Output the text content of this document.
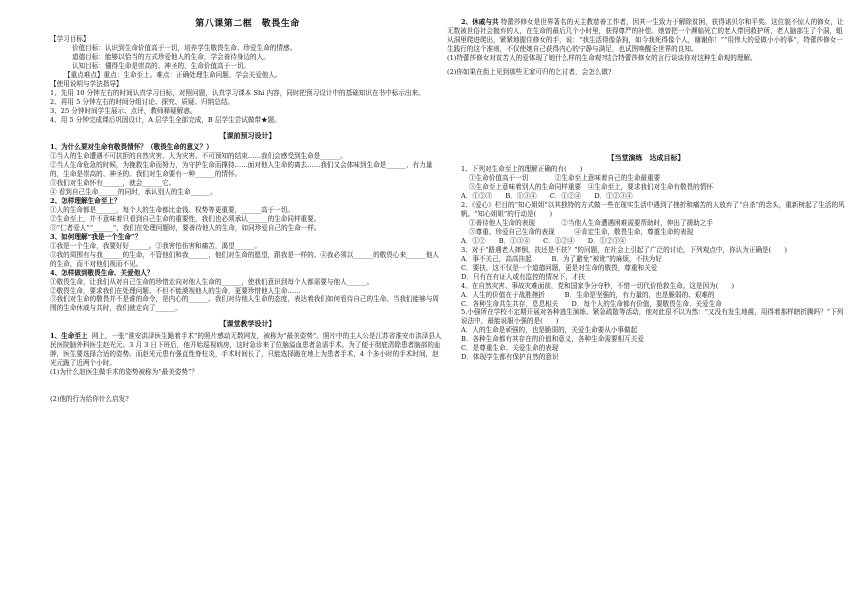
第八课第二框　敬畏生命
【学习目标】
价值目标：认识到生命价值高于一切，培养学生敬畏生命、珍爱生命的情感。
道德目标：能够以恰当的方式珍爱他人的生命，学会善待身边的人。
认知目标：懂得生命是崇高的、神圣的，生命价值高于一切。
【重点难点】重点：生命至上。难点：正确处理生命问题，学会关爱他人。
【使用说明与学法指导】
1、先用 10 分钟左右的时间认真学习目标，对照问题，认真学习课本 Shi 内容，同时把预习设计中的基础知识在书中标示出来。
2、再用 5 分钟左右的时间分组讨论、探究、质疑、归纳总结。
3、25 分钟时间学生展示、点评，教师释疑解惑。
4、用 5 分钟完成课后巩固设计，A 层学生全部完成，B 层学生尝试做带★题。
【课前预习设计】
1、为什么要对生命有敬畏情怀？（敬畏生命的意义？）
①当人的生命遭遇不可抗拒的自然灾害、人为灾害、不可预知的结束……我们会感受到生命是______。
②当人生命危急的时候，为挽救生命而努力，为守护生命而撑持……面对他人生命的离去……我们又会体味到生命是______、有力量的，生命是崇高的、神圣的。我们对生命要有一种______的情怀。
③我们对生命怀有______，就会______它。
④ 看到自己生命______的同时，承认别人的生命______。
2、怎样理解生命至上？
①人的生命都是______，每个人的生命都比金钱、权势等更重要，______高于一切。
②生命至上，并不意味着只看到自己生命的重要性，我们也必须承认______的生命同样重要。
③“仁者爱人”“______”，我们在处理问题时，要善待他人的生命，如同珍爱自己的生命一样。
3、如何理解“我是一个生命”？
①我是一个生命，我要好好______。②我害怕伤害和痛苦，渴望______。
③我的周围有与我______的生命，不管他们和我______，他们对生命的愿望，跟我是一样的。④我必须以______的敬畏心来______他人的生命，而不对他们视而不见。
4、怎样做到敬畏生命、关爱他人？
①敬畏生命，让我们从对自己生命的珍惜走向对他人生命的______，使我们意识到每个人都需要与他人______。
②敬畏生命，要求我们在处理问题、不但不能漠视他人的生命，更要珍惜他人生命……
③我们对生命的敬畏并不是谁的命令，是内心的______。我们对待他人生命的态度，表达着我们如何看待自己的生命。当我们能够与周围的生命休戚与共时，我们就走向了______。
【课堂教学设计】
1、生命至上 网上，一张“淮安洪泽医生跪着手术”的照片感动无数网友，被称为“最美姿势”。照片中的主人公是江苏省淮安市洪泽县人民医院脑外科医生赵光元。3 月 3 日下班后，他开始巡视病房，这时急诊来了位脑溢血患者急需手术。为了便于彻底清除患者脑部的血肿，医生要选择合适的姿势。而赵光元患有强直性脊柱炎，手术时间长了，只能选择跪在地上为患者手术，4 个多小时的手术时间，赵光元跪了近两个小时。
(1)为什么赵医生做手术的姿势被称为“最美姿势”？
(2)他的行为给你什么启发?
2、休戚与共 特蕾莎修女是世界著名的天主教慈善工作者，因其一生致力于解除贫困，获得诺贝尔和平奖。这位貌不惊人的修女，让无数被世俗社会抛弃的人，在生命的最后几个小时里，获得尊严的补偿。她曾把一个濒临死亡的老人带回救护所，老人脑部生了个洞，蛆从洞里爬进爬出，紧紧地握住修女的手，说：“我生活得像条狗，如今我死得像个人，谢谢你！”“用伟大的爱做小小的事”，特蕾莎修女一生践行的这个准则，不仅使她自己获得内心的宁静与满足，也试图唤醒全世界的良知。
(1)特蕾莎修女对贫苦人的爱体现了她什么样的生命观?结合特蕾莎修女的言行谈谈你对这种生命观的理解。
(2)你如果在街上见到那些无家可归的乞讨者，会怎么做?
【当堂演练　达成目标】
1、下列对生命至上的理解正确的有(　　)
①生命价值高于一切　　　　②生命至上意味着自己的生命最重要
③生命至上意味着别人的生命同样重要　④生命至上，要求我们对生命有敬畏的情怀
A．①②③　　B．①③④　　C．①②④　　D．①②③④
2、《爱心》栏目的“知心姐姐”以其独特的方式做一些在现实生活中遇到了挫折和痛苦的人放弃了“自杀”的念头，重新树起了生活的风帆。“知心姐姐”的行动是(　　)
①善待他人生命的表现　　　　②当他人生命遭遇困难需要帮助时，伸出了援助之手
③尊重、珍爱自己生命的表现　　　④肯定生命，敬畏生命，尊重生命的表现
A．①②　　B．①③④　　C．①②④　　D．①②③④
3、对于“路遇老人摔倒，扶还是不扶？”的问题，在社会上引起了广泛的讨论，下列观点中，你认为正确是(　　)
A．事不关己，高高挂起　　　B．为了避免“被讹”的麻烦，不扶为好
C．要扶，这不仅是一个道德问题，更是对生命的敬畏，尊重和关爱
D．只有在有证人或有监控的情况下，才扶
4、在自然灾害、事故灾难面前，党和国家争分夺秒，不惜一切代价抢救生命。这是因为(　　)
A．人生的价值在于战胜挫折　　　B．生命是坚强的，有力量的，也是脆弱的、艰难的
C．各种生命共生共存，息息相关　　D．每个人的生命都有价值，要敬畏生命、关爱生命
5.小强所在学校不定期开展对各种逃生演练、紧急疏散等活动，他对此很不以为然：“又没有发生地震，用得着那样瞎折腾吗？”下列说法中，最能说服小强的是(　　)
A．人的生命是顽强的，也是脆弱的，关爱生命要从小事做起
B．各种生命都有其存在的价值和意义，各种生命需要相互关爱
C．是尊重生命、关爱生命的表现
D．体现学生都有保护自然的意识
